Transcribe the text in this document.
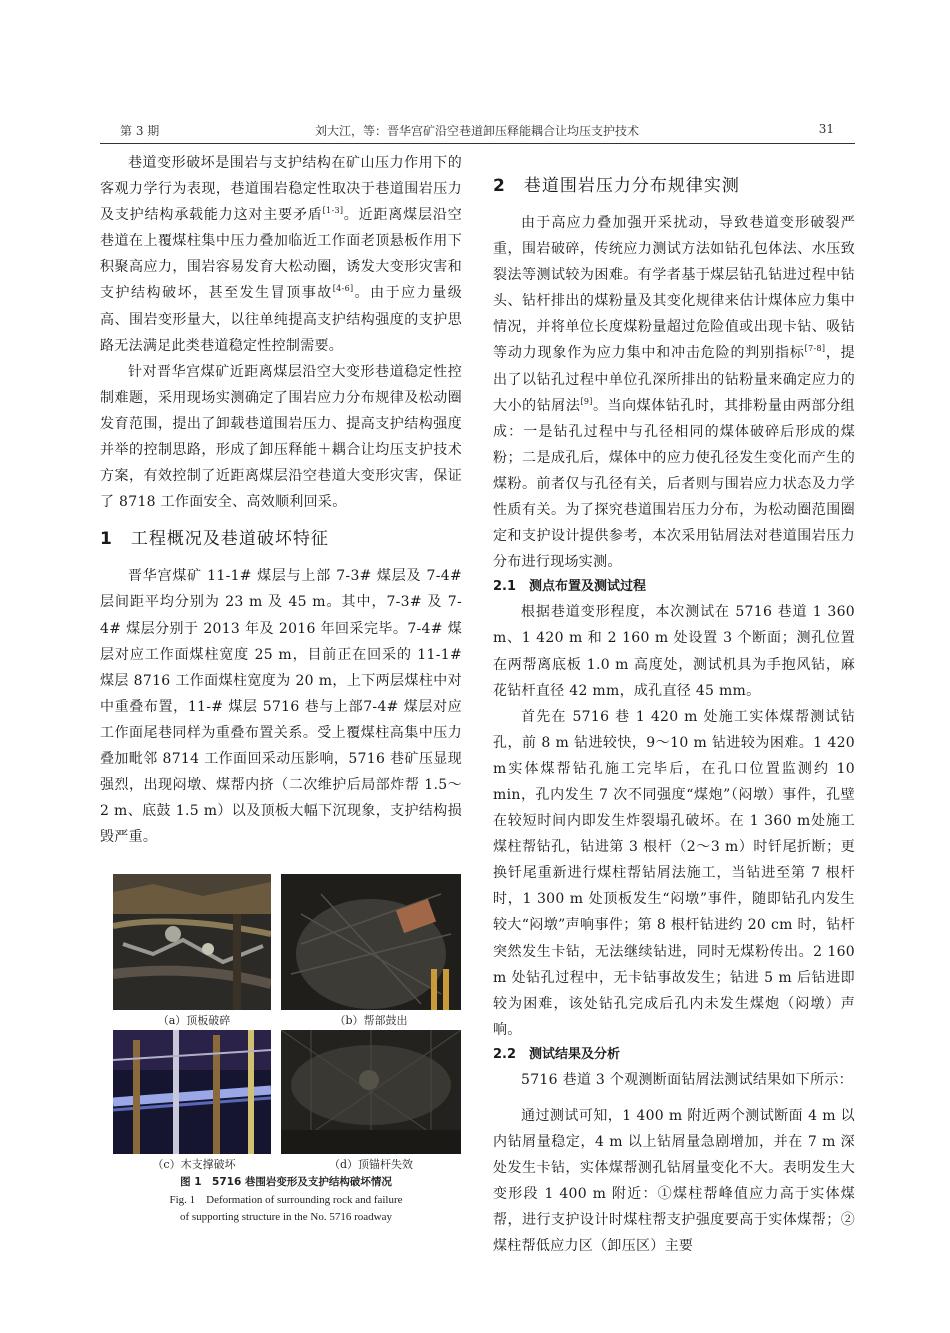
第 3 期	刘大江，等：晋华宫矿沿空巷道卸压释能耦合让均压支护技术	31

巷道变形破坏是围岩与支护结构在矿山压力作用下的客观力学行为表现，巷道围岩稳定性取决于巷道围岩压力及支护结构承载能力这对主要矛盾[1-3]。近距离煤层沿空巷道在上覆煤柱集中压力叠加临近工作面老顶悬板作用下积聚高应力，围岩容易发育大松动圈，诱发大变形灾害和支护结构破坏，甚至发生冒顶事故[4-6]。由于应力量级高、围岩变形量大，以往单纯提高支护结构强度的支护思路无法满足此类巷道稳定性控制需要。

针对晋华宫煤矿近距离煤层沿空大变形巷道稳定性控制难题，采用现场实测确定了围岩应力分布规律及松动圈发育范围，提出了卸载巷道围岩压力、提高支护结构强度并举的控制思路，形成了卸压释能＋耦合让均压支护技术方案，有效控制了近距离煤层沿空巷道大变形灾害，保证了 8718 工作面安全、高效顺利回采。

1 工程概况及巷道破坏特征

晋华宫煤矿 11-1# 煤层与上部 7-3# 煤层及 7-4# 层间距平均分别为 23 m 及 45 m。其中，7-3# 及 7-4# 煤层分别于 2013 年及 2016 年回采完毕。7-4# 煤层对应工作面煤柱宽度 25 m，目前正在回采的 11-1# 煤层 8716 工作面煤柱宽度为 20 m，上下两层煤柱中对中重叠布置，11-# 煤层 5716 巷与上部7-4# 煤层对应工作面尾巷同样为重叠布置关系。受上覆煤柱高集中压力叠加毗邻 8714 工作面回采动压影响，5716 巷矿压显现强烈，出现闷墩、煤帮内挤（二次维护后局部炸帮 1.5～2 m、底鼓 1.5 m）以及顶板大幅下沉现象，支护结构损毁严重。

（a）顶板破碎	（b）帮部鼓出
（c）木支撑破坏	（d）顶锚杆失效
图 1　5716 巷围岩变形及支护结构破坏情况
Fig. 1　Deformation of surrounding rock and failure
of supporting structure in the No. 5716 roadway
2 巷道围岩压力分布规律实测

由于高应力叠加强开采扰动，导致巷道变形破裂严重，围岩破碎，传统应力测试方法如钻孔包体法、水压致裂法等测试较为困难。有学者基于煤层钻孔钻进过程中钻头、钻杆排出的煤粉量及其变化规律来估计煤体应力集中情况，并将单位长度煤粉量超过危险值或出现卡钻、吸钻等动力现象作为应力集中和冲击危险的判别指标[7-8]，提出了以钻孔过程中单位孔深所排出的钻粉量来确定应力的大小的钻屑法[9]。当向煤体钻孔时，其排粉量由两部分组成：一是钻孔过程中与孔径相同的煤体破碎后形成的煤粉；二是成孔后，煤体中的应力使孔径发生变化而产生的煤粉。前者仅与孔径有关，后者则与围岩应力状态及力学性质有关。为了探究巷道围岩压力分布，为松动圈范围圈定和支护设计提供参考，本次采用钻屑法对巷道围岩压力分布进行现场实测。

2.1　测点布置及测试过程

根据巷道变形程度，本次测试在 5716 巷道 1 360 m、1 420 m 和 2 160 m 处设置 3 个断面；测孔位置在两帮离底板 1.0 m 高度处，测试机具为手抱风钻，麻花钻杆直径 42 mm，成孔直径 45 mm。

首先在 5716 巷 1 420 m 处施工实体煤帮测试钻孔，前 8 m 钻进较快，9～10 m 钻进较为困难。1 420 m实体煤帮钻孔施工完毕后，在孔口位置监测约 10 min，孔内发生 7 次不同强度“煤炮”（闷墩）事件，孔壁在较短时间内即发生炸裂塌孔破坏。在 1 360 m处施工煤柱帮钻孔，钻进第 3 根杆（2～3 m）时钎尾折断；更换钎尾重新进行煤柱帮钻屑法施工，当钻进至第 7 根杆时，1 300 m 处顶板发生“闷墩”事件，随即钻孔内发生较大“闷墩”声响事件；第 8 根杆钻进约 20 cm 时，钻杆突然发生卡钻，无法继续钻进，同时无煤粉传出。2 160 m 处钻孔过程中，无卡钻事故发生；钻进 5 m 后钻进即较为困难，该处钻孔完成后孔内未发生煤炮（闷墩）声响。

2.2　测试结果及分析

5716 巷道 3 个观测断面钻屑法测试结果如下所示：

通过测试可知，1 400 m 附近两个测试断面 4 m 以内钻屑量稳定，4 m 以上钻屑量急剧增加，并在 7 m 深处发生卡钻，实体煤帮测孔钻屑量变化不大。表明发生大变形段 1 400 m 附近：①煤柱帮峰值应力高于实体煤帮，进行支护设计时煤柱帮支护强度要高于实体煤帮；②煤柱帮低应力区（卸压区）主要
